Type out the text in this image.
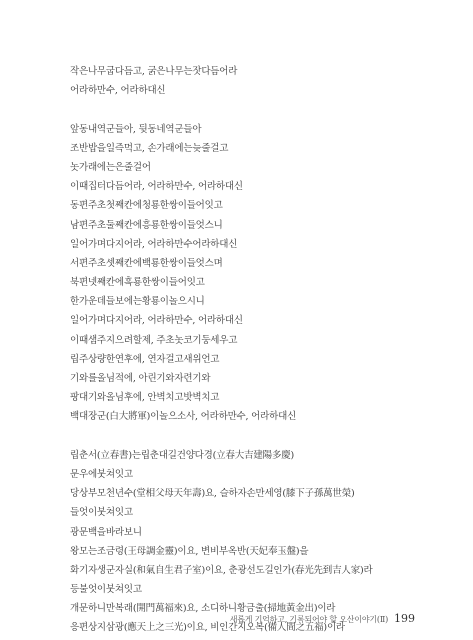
작은나무굽다듬고, 굵은나무는잣다듬어라
어라하만수, 어라하대신
앞동내역군들아, 뒷동네역군들아
조반밥을일즉먹고, 손가래에는늦줄걸고
놋가래에는은줄걸어
이때집터다듬어라, 어라하만수, 어라하대신
동편주초첫째칸에청룡한쌍이들어잇고
남편주초둘째칸에흥룡한쌍이들엇스니
일어가며다지어라, 어라하만수어라하대신
서편주초셋째칸에백룡한쌍이들엇스며
북편넷째칸에흑룡한쌍이들어잇고
한가운데들보에는황룡이놀으시니
일어가며다지어라, 어라하만수, 어라하대신
이때샘주지으려할제, 주초놋코기둥세우고
립주상량한연후에, 연자걸고새위언고
기와를올님적에, 아린기와자련기와
팡대기와올님후에, 안벽치고밧벽치고
백대장군(白大將軍)이놀으소사, 어라하만수, 어라하대신
립춘서(立春書)는립춘대길건양다경(立春大吉建陽多慶)
문우에붓쳐잇고
당상부모천년수(堂相父母天年壽)요, 슬하자손만세영(膝下子孫萬世榮)
들엇이붓쳐잇고
광문백을바라보니
왕모는조금령(王母調金靈)이요, 변비부옥반(天妃奉玉盤)을
화기자생군자실(和氣自生君子室)이요, 춘광선도길인가(春光先到吉人家)라
등불엇이붓쳐잇고
개문하니만복래(開門萬福來)요, 소디하니황금출(掃地黃金出)이라
응편상지삼광(應天上之三光)이요, 비인간지오복(備人間之五福)이라
새롭게 기억하고, 기록되어야 할 오산이야기(Ⅱ) 199
